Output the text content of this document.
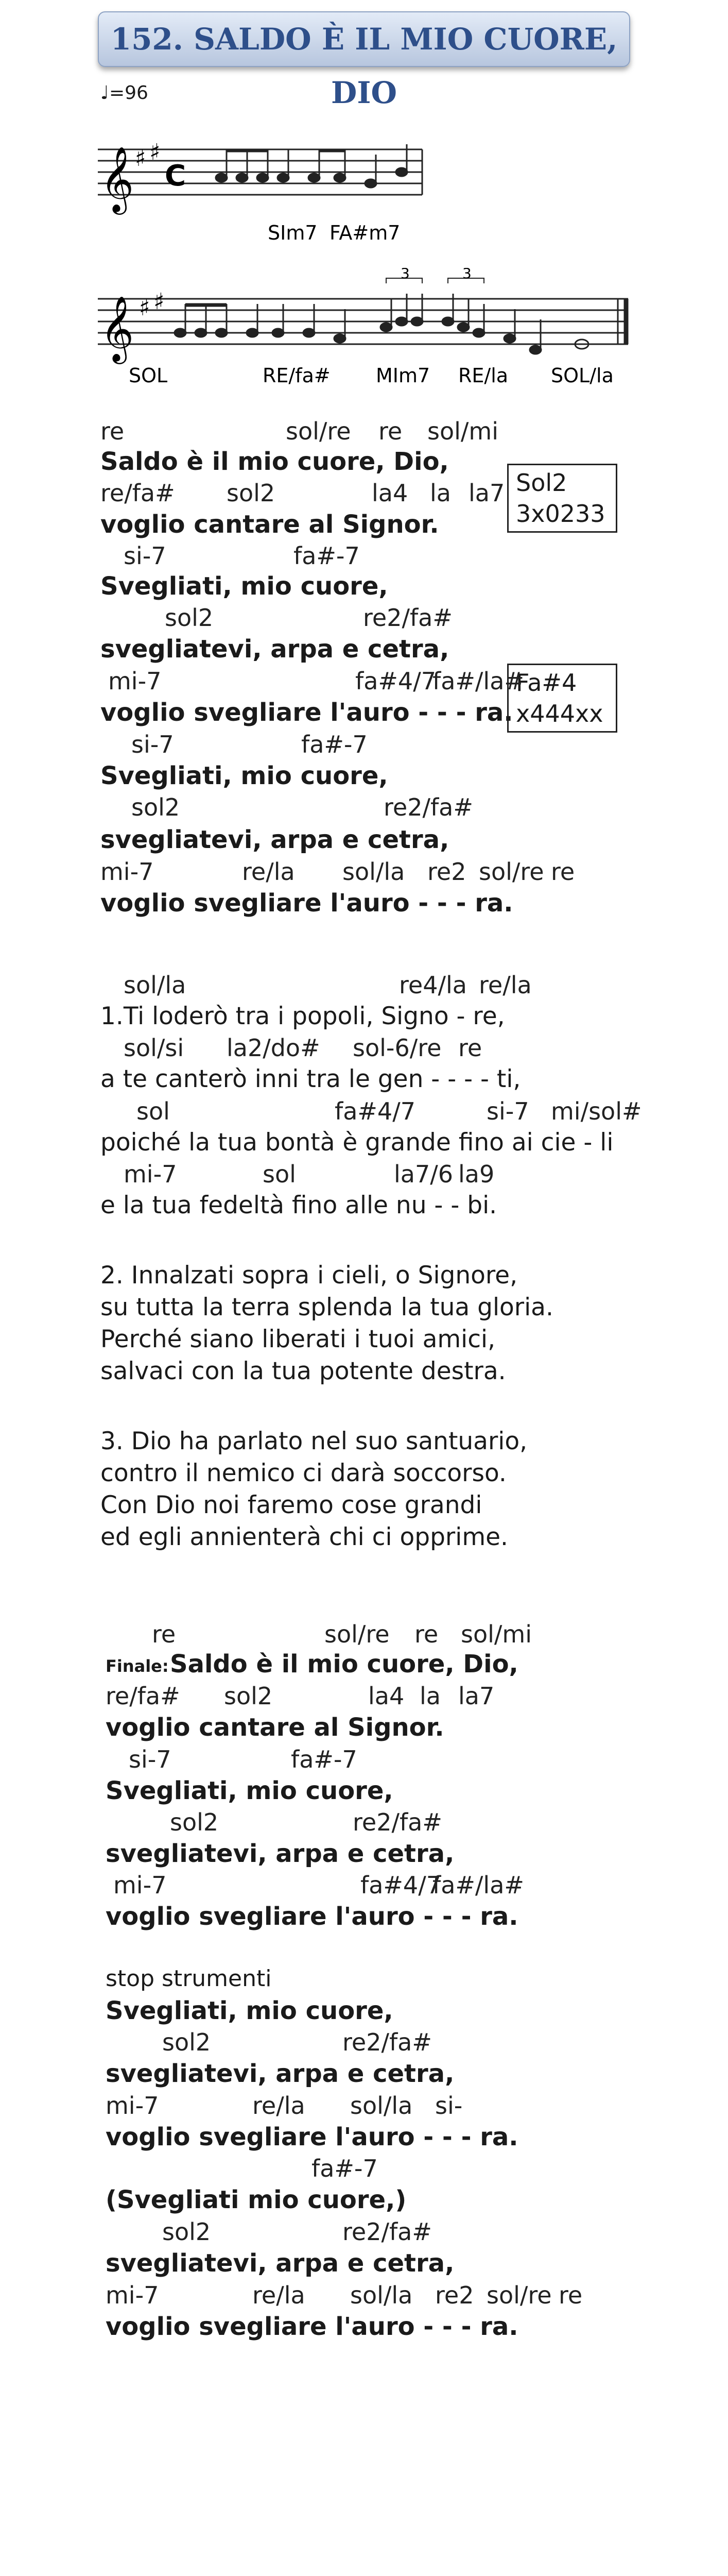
152. SALDO È IL MIO CUORE, DIO
♩=96
𝄞 ♯ ♯
C
SIm7 FA#m7
𝄞 ♯ ♯
3	3
SOL	RE/fa# MIm7 RE/la SOL/la
Sol2
3x0233
Fa#4
x444xx
re	sol/re re sol/mi
Saldo è il mio cuore, Dio,
re/fa# sol2	la4 la la7
voglio cantare al Signor.
si-7	fa#-7
Svegliati, mio cuore,
sol2	re2/fa#
svegliatevi, arpa e cetra,
mi-7	fa#4/7
fa#/la#
voglio svegliare l'auro - - - ra.
si-7	fa#-7
Svegliati, mio cuore,
sol2	re2/fa#
svegliatevi, arpa e cetra,
mi-7	re/la sol/la re2 sol/re re
voglio svegliare l'auro - - - ra.
sol/la	re4/la re/la
1.Ti loderò tra i popoli, Signo - re,
sol/si la2/do# sol-6/re re
a te canterò inni tra le gen - - - - ti,
sol	fa#4/7	si-7 mi/sol#
poiché la tua bontà è grande fino ai cie - li
mi-7	sol	la7/6 la9
e la tua fedeltà fino alle nu - - bi.
2. Innalzati sopra i cieli, o Signore,
su tutta la terra splenda la tua gloria.
Perché siano liberati i tuoi amici,
salvaci con la tua potente destra.
3. Dio ha parlato nel suo santuario,
contro il nemico ci darà soccorso.
Con Dio noi faremo cose grandi
ed egli annienterà chi ci opprime.
re	sol/re re sol/mi
Finale: Saldo è il mio cuore, Dio,
re/fa# sol2	la4 la la7
voglio cantare al Signor.
si-7	fa#-7
Svegliati, mio cuore,
sol2	re2/fa#
svegliatevi, arpa e cetra,
mi-7	fa#4/7
fa#/la#
voglio svegliare l'auro - - - ra.
stop strumenti
Svegliati, mio cuore,
sol2	re2/fa#
svegliatevi, arpa e cetra,
mi-7	re/la sol/la si-
voglio svegliare l'auro - - - ra.
fa#-7
(Svegliati mio cuore,)
sol2	re2/fa#
svegliatevi, arpa e cetra,
mi-7	re/la sol/la re2 sol/re re
voglio svegliare l'auro - - - ra.
